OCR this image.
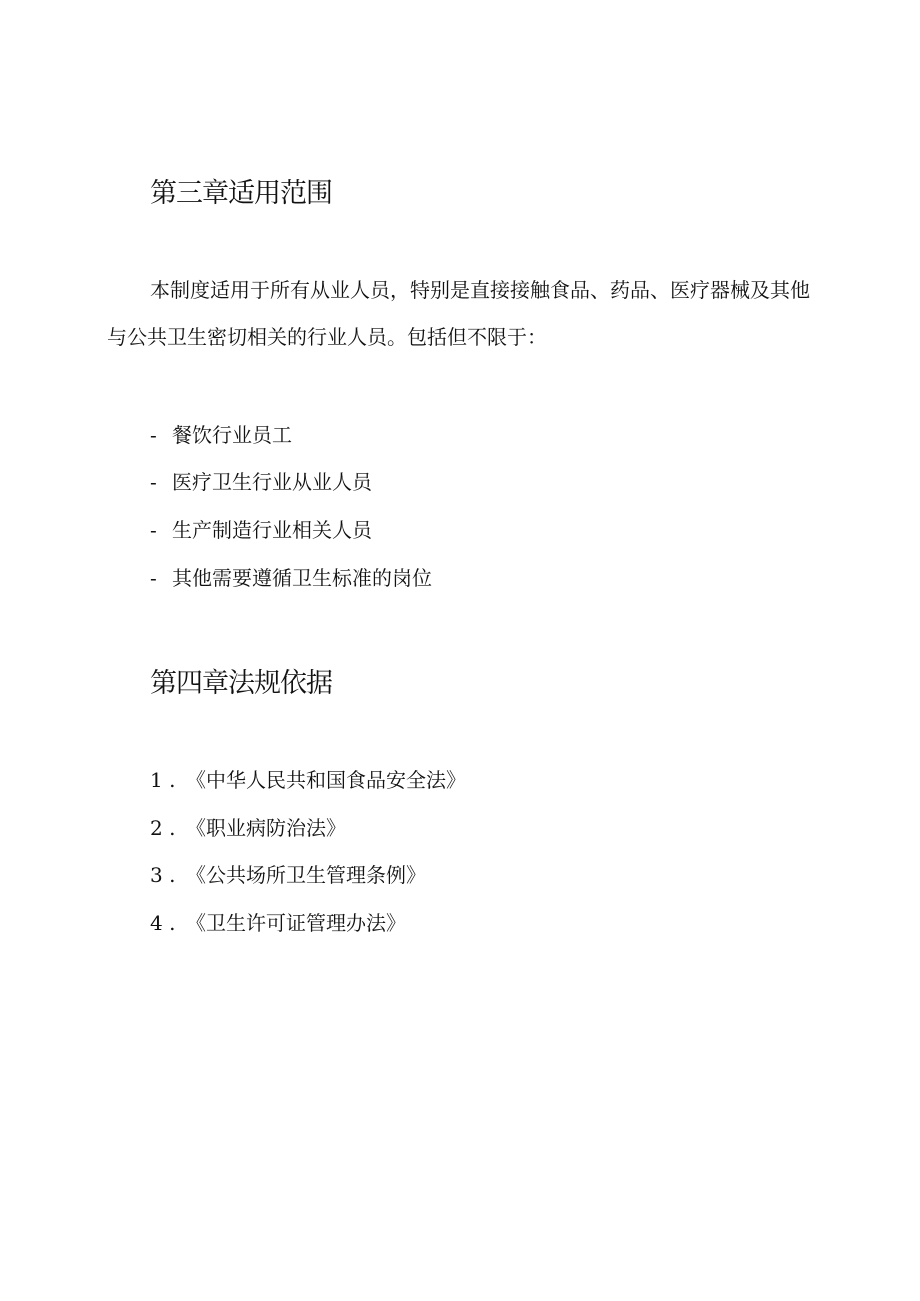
第三章适用范围

本制度适用于所有从业人员，特别是直接接触食品、药品、医疗器械及其他与公共卫生密切相关的行业人员。包括但不限于：

- 餐饮行业员工
- 医疗卫生行业从业人员
- 生产制造行业相关人员
- 其他需要遵循卫生标准的岗位
第四章法规依据
1 . 《中华人民共和国食品安全法》
2 . 《职业病防治法》
3 . 《公共场所卫生管理条例》
4 . 《卫生许可证管理办法》
